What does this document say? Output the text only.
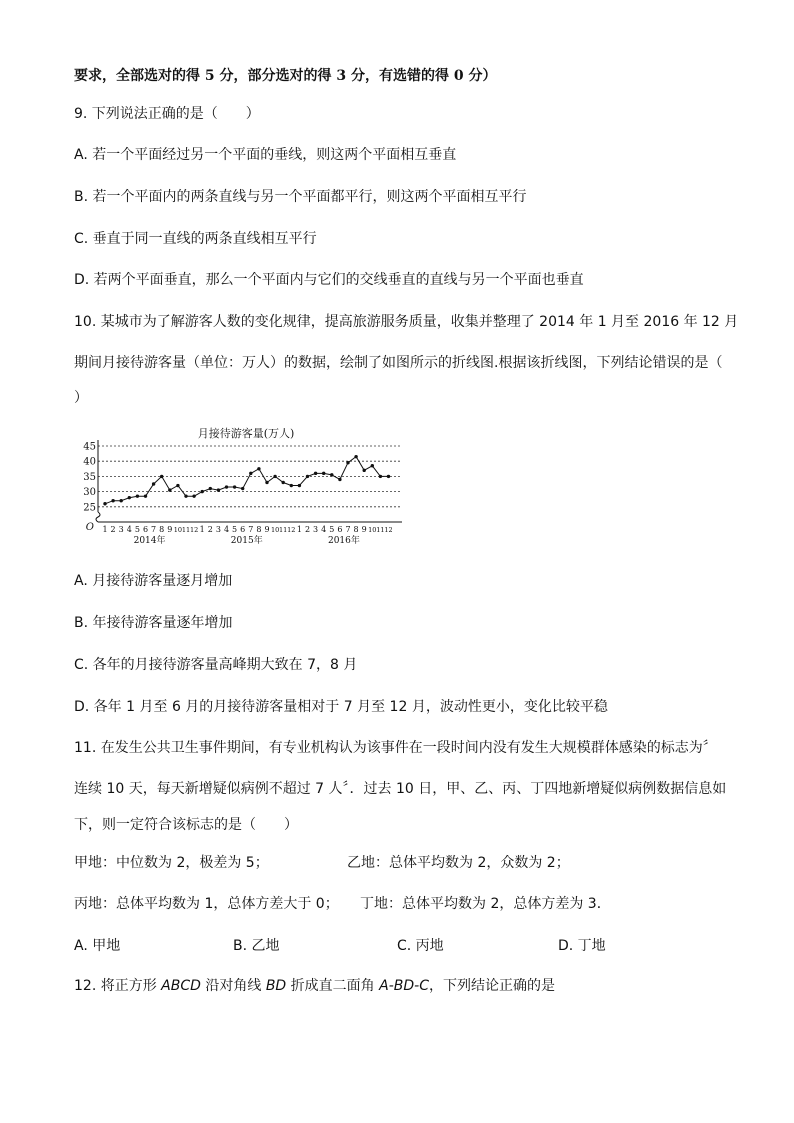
要求，全部选对的得 5 分，部分选对的得 3 分，有选错的得 0 分）
9. 下列说法正确的是（　　）
A. 若一个平面经过另一个平面的垂线，则这两个平面相互垂直
B. 若一个平面内的两条直线与另一个平面都平行，则这两个平面相互平行
C. 垂直于同一直线的两条直线相互平行
D. 若两个平面垂直，那么一个平面内与它们的交线垂直的直线与另一个平面也垂直
10. 某城市为了解游客人数的变化规律，提高旅游服务质量，收集并整理了 2014 年 1 月至 2016 年 12 月
期间月接待游客量（单位：万人）的数据，绘制了如图所示的折线图.根据该折线图，下列结论错误的是（
）
月接待游客量(万人)
25
30
35
40
45
O 1 2 3 4 5 6 7 8 9 10 11 12 1 2 3 4 5 6 7 8 9 10 11 12 1 2 3 4 5 6 7 8 9 10 11 12
2014年	2015年	2016年
A. 月接待游客量逐月增加
B. 年接待游客量逐年增加
C. 各年的月接待游客量高峰期大致在 7，8 月
D. 各年 1 月至 6 月的月接待游客量相对于 7 月至 12 月，波动性更小，变化比较平稳
11. 在发生公共卫生事件期间，有专业机构认为该事件在一段时间内没有发生大规模群体感染的标志为〞
连续 10 天，每天新增疑似病例不超过 7 人〞．过去 10 日，甲、乙、丙、丁四地新增疑似病例数据信息如
下，则一定符合该标志的是（　　）
甲地：中位数为 2，极差为 5；	乙地：总体平均数为 2，众数为 2；
丙地：总体平均数为 1，总体方差大于 0； 丁地：总体平均数为 2，总体方差为 3．
A. 甲地	B. 乙地	C. 丙地	D. 丁地
12. 将正方形 ABCD 沿对角线 BD 折成直二面角 A-BD-C，下列结论正确的是
